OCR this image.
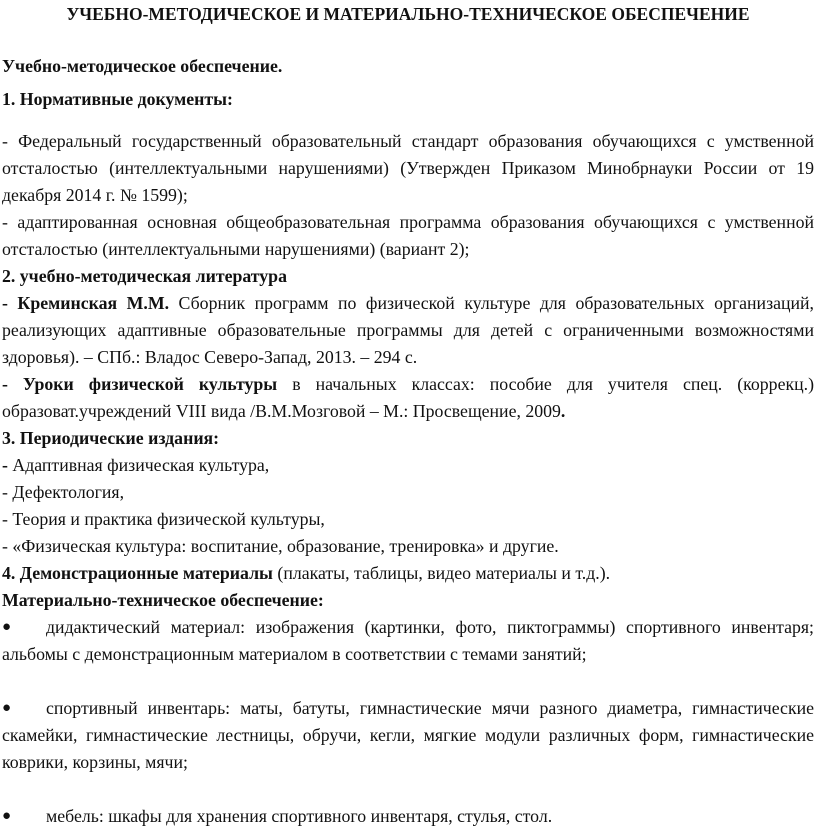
УЧЕБНО-МЕТОДИЧЕСКОЕ И МАТЕРИАЛЬНО-ТЕХНИЧЕСКОЕ ОБЕСПЕЧЕНИЕ

Учебно-методическое обеспечение.

1. Нормативные документы:

- Федеральный государственный образовательный стандарт образования обучающихся с умственной отсталостью (интеллектуальными нарушениями) (Утвержден Приказом Минобрнауки России от 19 декабря 2014 г. № 1599);

- адаптированная основная общеобразовательная программа образования обучающихся с умственной отсталостью (интеллектуальными нарушениями) (вариант 2);

2. учебно-методическая литература

- Креминская М.М. Сборник программ по физической культуре для образовательных организаций, реализующих адаптивные образовательные программы для детей с ограниченными возможностями здоровья). – СПб.: Владос Северо-Запад, 2013. – 294 с.

- Уроки физической культуры в начальных классах: пособие для учителя спец. (коррекц.) образоват.учреждений VIII вида /В.М.Мозговой – М.: Просвещение, 2009.

3. Периодические издания:

- Адаптивная физическая культура,

- Дефектология,

- Теория и практика физической культуры,

- «Физическая культура: воспитание, образование, тренировка» и другие.

4. Демонстрационные материалы (плакаты, таблицы, видео материалы и т.д.).

Материально-техническое обеспечение:

● дидактический материал: изображения (картинки, фото, пиктограммы) спортивного инвентаря; альбомы с демонстрационным материалом в соответствии с темами занятий;

● спортивный инвентарь: маты, батуты, гимнастические мячи разного диаметра, гимнастические скамейки, гимнастические лестницы, обручи, кегли, мягкие модули различных форм, гимнастические коврики, корзины, мячи;

● мебель: шкафы для хранения спортивного инвентаря, стулья, стол.
